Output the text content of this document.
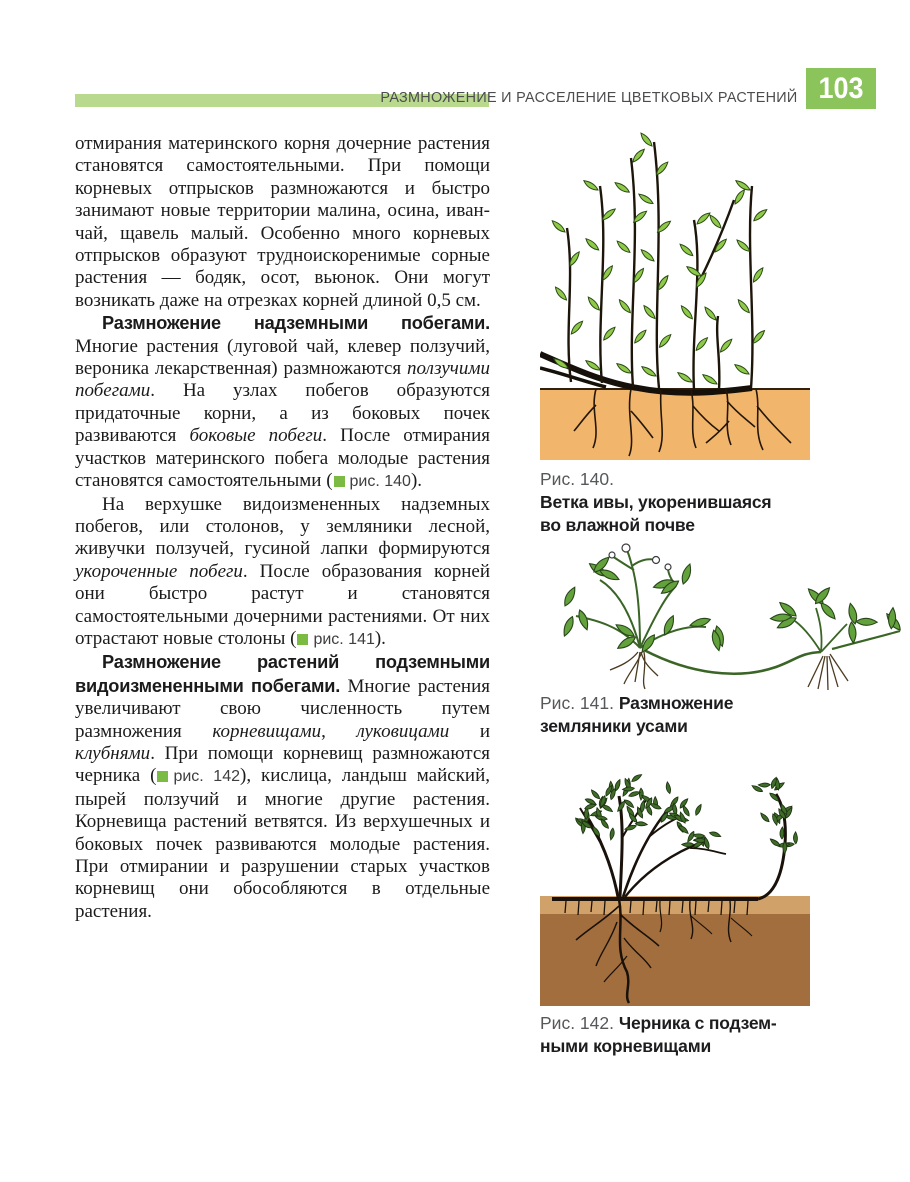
РАЗМНОЖЕНИЕ И РАССЕЛЕНИЕ ЦВЕТКОВЫХ РАСТЕНИЙ 103

отмирания материнского корня дочерние растения становятся самостоятельными. При помощи корневых отпрысков размножаются и быстро занимают новые территории малина, осина, иван-чай, щавель малый. Особенно много корневых отпрысков образуют трудноискоренимые сорные растения — бодяк, осот, вьюнок. Они могут возникать даже на отрезках корней длиной 0,5 см.

Размножение надземными побегами. Многие растения (луговой чай, клевер ползучий, вероника лекарственная) размножаются ползучими побегами. На узлах побегов образуются придаточные корни, а из боковых почек развиваются боковые побеги. После отмирания участков материнского побега молодые растения становятся самостоятельными ( рис. 140).

На верхушке видоизмененных надземных побегов, или столонов, у земляники лесной, живучки ползучей, гусиной лапки формируются укороченные побеги. После образования корней они быстро растут и становятся самостоятельными дочерними растениями. От них отрастают новые столоны ( рис. 141).

Размножение растений подземными видоизмененными побегами. Многие растения увеличивают свою численность путем размножения корневищами, луковицами и клубнями. При помощи корневищ размножаются черника ( рис. 142), кислица, ландыш майский, пырей ползучий и многие другие растения. Корневища растений ветвятся. Из верхушечных и боковых почек развиваются молодые растения. При отмирании и разрушении старых участков корневищ они обособляются в отдельные растения.

Рис. 140.
Ветка ивы, укоренившаяся
во влажной почве
Рис. 141. Размножение
земляники усами
Рис. 142. Черника с подзем-
ными корневищами
